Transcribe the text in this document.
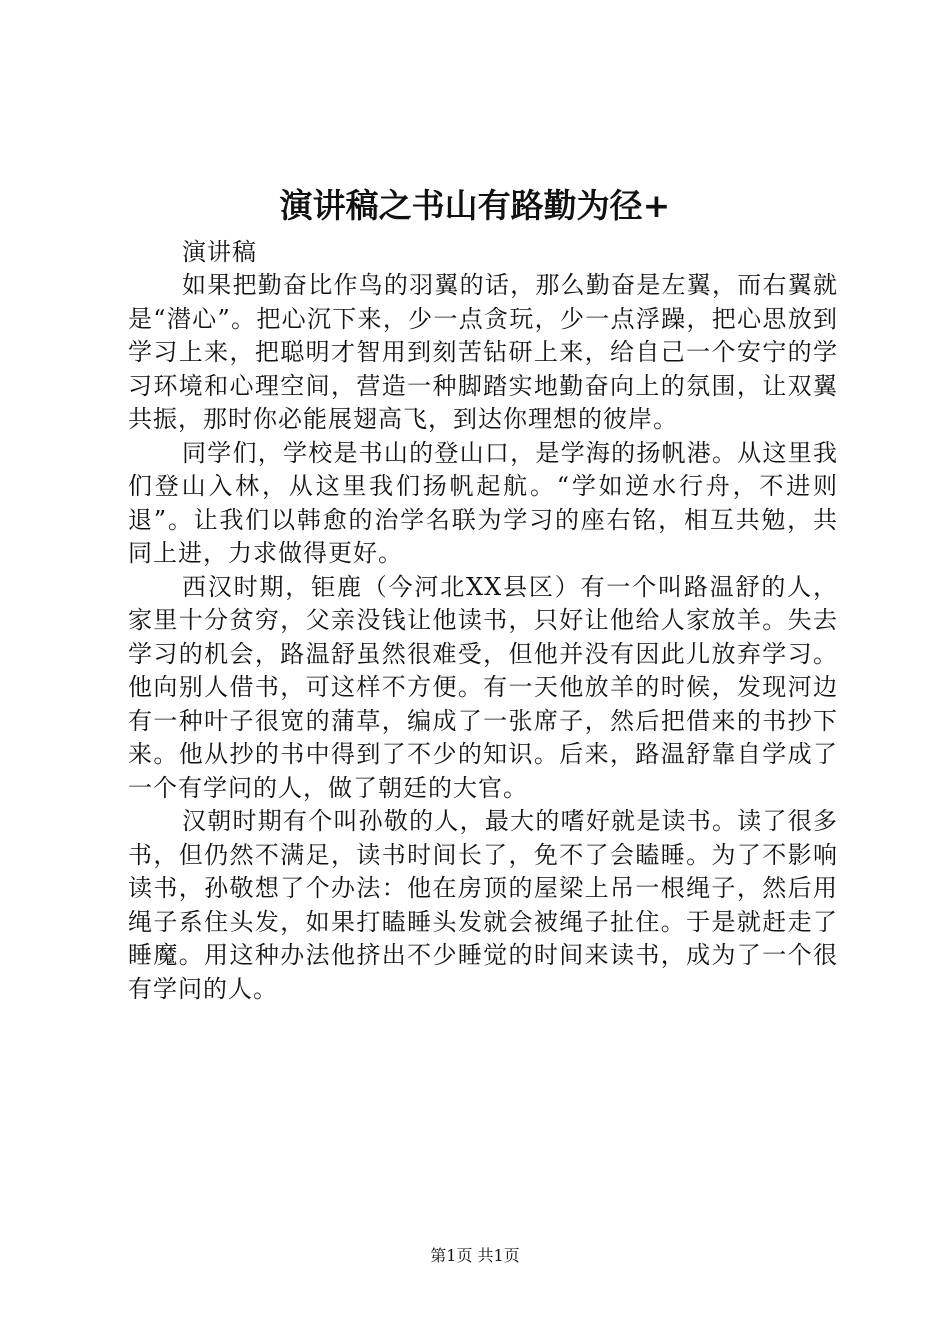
演讲稿之书山有路勤为径+

演讲稿

如果把勤奋比作鸟的羽翼的话，那么勤奋是左翼，而右翼就是“潜心”。把心沉下来，少一点贪玩，少一点浮躁，把心思放到学习上来，把聪明才智用到刻苦钻研上来，给自己一个安宁的学习环境和心理空间，营造一种脚踏实地勤奋向上的氛围，让双翼共振，那时你必能展翅高飞，到达你理想的彼岸。

同学们，学校是书山的登山口，是学海的扬帆港。从这里我们登山入林，从这里我们扬帆起航。“学如逆水行舟，不进则退”。让我们以韩愈的治学名联为学习的座右铭，相互共勉，共同上进，力求做得更好。

西汉时期，钜鹿（今河北XX县区）有一个叫路温舒的人，家里十分贫穷，父亲没钱让他读书，只好让他给人家放羊。失去学习的机会，路温舒虽然很难受，但他并没有因此儿放弃学习。他向别人借书，可这样不方便。有一天他放羊的时候，发现河边有一种叶子很宽的蒲草，编成了一张席子，然后把借来的书抄下来。他从抄的书中得到了不少的知识。后来，路温舒靠自学成了一个有学问的人，做了朝廷的大官。

汉朝时期有个叫孙敬的人，最大的嗜好就是读书。读了很多书，但仍然不满足，读书时间长了，免不了会瞌睡。为了不影响读书，孙敬想了个办法：他在房顶的屋梁上吊一根绳子，然后用绳子系住头发，如果打瞌睡头发就会被绳子扯住。于是就赶走了睡魔。用这种办法他挤出不少睡觉的时间来读书，成为了一个很有学问的人。

第1页 共1页
